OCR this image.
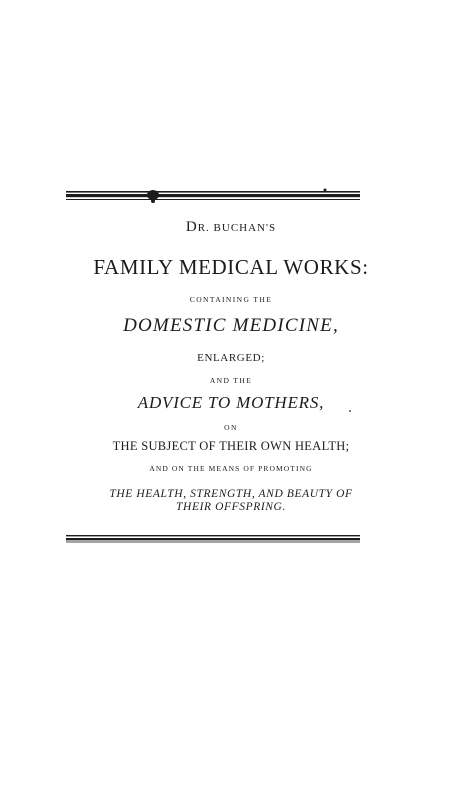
DR. BUCHAN'S
FAMILY MEDICAL WORKS:
CONTAINING THE
DOMESTIC MEDICINE,
ENLARGED;
AND THE
ADVICE TO MOTHERS,
ON
THE SUBJECT OF THEIR OWN HEALTH;
AND ON THE MEANS OF PROMOTING
THE HEALTH, STRENGTH, AND BEAUTY OF
THEIR OFFSPRING.
